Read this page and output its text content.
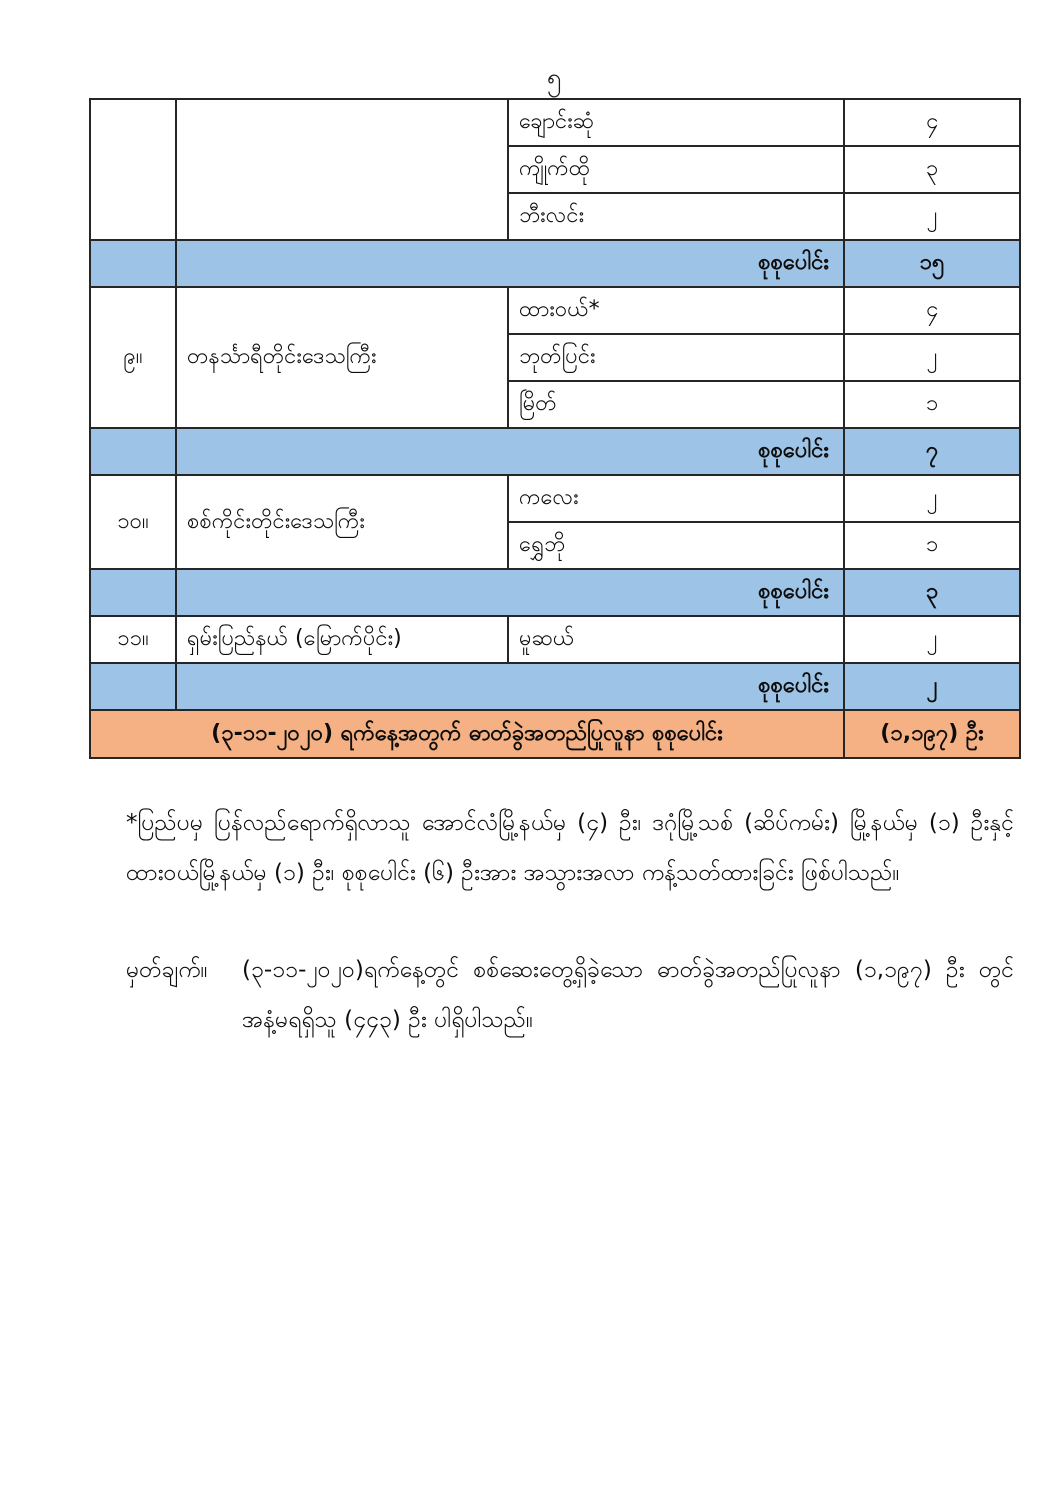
၅
		ချောင်းဆုံ	၄
		ကျိုက်ထို	၃
		ဘီးလင်း	၂
	စုစုပေါင်း		၁၅
၉။	တနင်္သာရီတိုင်းဒေသကြီး	ထားဝယ်*	၄
		ဘုတ်ပြင်း	၂
		မြိတ်	၁
	စုစုပေါင်း		၇
၁၀။	စစ်ကိုင်းတိုင်းဒေသကြီး	ကလေး	၂
		ရွှေဘို	၁
	စုစုပေါင်း		၃
၁၁။	ရှမ်းပြည်နယ် (မြောက်ပိုင်း)	မူဆယ်	၂
	စုစုပေါင်း		၂
(၃-၁၁-၂၀၂၀) ရက်နေ့အတွက် ဓာတ်ခွဲအတည်ပြုလူနာ စုစုပေါင်း			(၁,၁၉၇) ဦး
*ပြည်ပမှ ပြန်လည်ရောက်ရှိလာသူ အောင်လံမြို့နယ်မှ (၄) ဦး၊ ဒဂုံမြို့သစ် (ဆိပ်ကမ်း) မြို့နယ်မှ (၁) ဦးနှင့် ထားဝယ်မြို့နယ်မှ (၁) ဦး၊ စုစုပေါင်း (၆) ဦးအား အသွားအလာ ကန့်သတ်ထားခြင်း ဖြစ်ပါသည်။
မှတ်ချက်။	(၃-၁၁-၂၀၂၀)ရက်နေ့တွင် စစ်ဆေးတွေ့ရှိခဲ့သော ဓာတ်ခွဲအတည်ပြုလူနာ (၁,၁၉၇) ဦး တွင် အနံ့မရရှိသူ (၄၄၃) ဦး ပါရှိပါသည်။
